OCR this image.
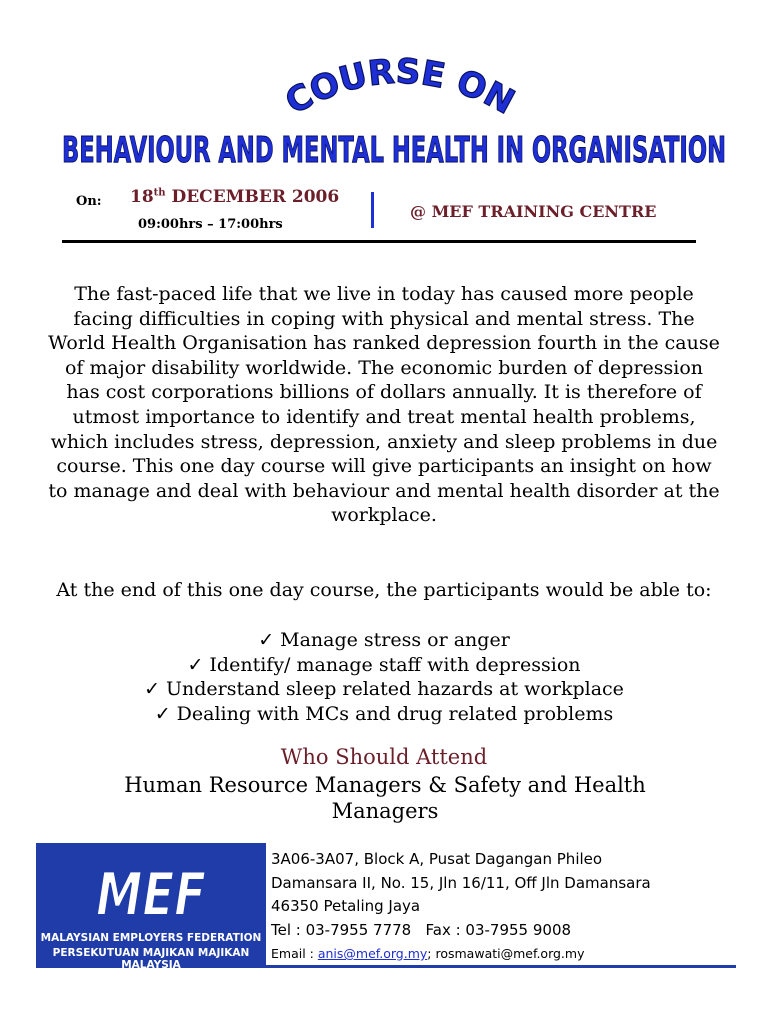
COURSE ON
BEHAVIOUR AND MENTAL HEALTH IN ORGANISATION
On: 18th DECEMBER 2006
09:00hrs – 17:00hrs
@ MEF TRAINING CENTRE
The fast-paced life that we live in today has caused more people facing difficulties in coping with physical and mental stress. The World Health Organisation has ranked depression fourth in the cause of major disability worldwide. The economic burden of depression has cost corporations billions of dollars annually. It is therefore of utmost importance to identify and treat mental health problems, which includes stress, depression, anxiety and sleep problems in due course. This one day course will give participants an insight on how to manage and deal with behaviour and mental health disorder at the workplace.
At the end of this one day course, the participants would be able to:
✓ Manage stress or anger
✓ Identify/ manage staff with depression
✓ Understand sleep related hazards at workplace
✓ Dealing with MCs and drug related problems
Who Should Attend
Human Resource Managers & Safety and Health Managers
MEF
MALAYSIAN EMPLOYERS FEDERATION
PERSEKUTUAN MAJIKAN MAJIKAN MALAYSIA
3A06-3A07, Block A, Pusat Dagangan Phileo
Damansara II, No. 15, Jln 16/11, Off Jln Damansara
46350 Petaling Jaya
Tel : 03-7955 7778   Fax : 03-7955 9008
Email : anis@mef.org.my; rosmawati@mef.org.my
